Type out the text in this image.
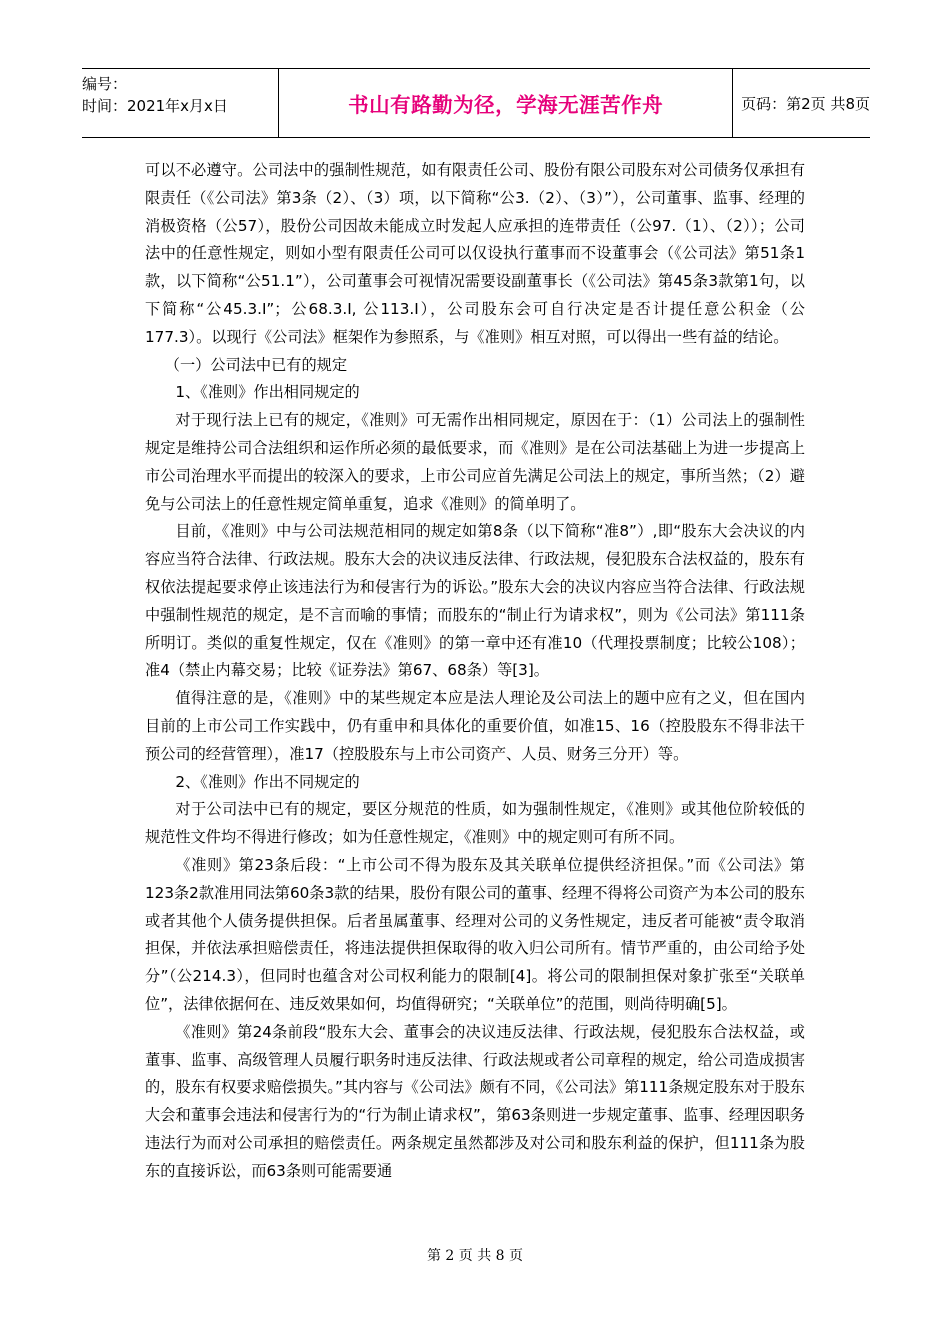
编号：
时间：2021年x月x日	书山有路勤为径，学海无涯苦作舟	页码：第2页 共8页

可以不必遵守。公司法中的强制性规范，如有限责任公司、股份有限公司股东对公司债务仅承担有限责任（《公司法》第3条（2）、（3）项，以下简称“公3.（2）、（3）”），公司董事、监事、经理的消极资格（公57），股份公司因故未能成立时发起人应承担的连带责任（公97.（1）、（2））；公司法中的任意性规定，则如小型有限责任公司可以仅设执行董事而不设董事会（《公司法》第51条1款，以下简称“公51.1”），公司董事会可视情况需要设副董事长（《公司法》第45条3款第1句，以下简称“公45.3.I”；公68.3.I, 公113.I），公司股东会可自行决定是否计提任意公积金（公177.3）。以现行《公司法》框架作为参照系，与《准则》相互对照，可以得出一些有益的结论。

（一）公司法中已有的规定

1、《准则》作出相同规定的

对于现行法上已有的规定，《准则》可无需作出相同规定，原因在于：（1）公司法上的强制性规定是维持公司合法组织和运作所必须的最低要求，而《准则》是在公司法基础上为进一步提高上市公司治理水平而提出的较深入的要求，上市公司应首先满足公司法上的规定，事所当然；（2）避免与公司法上的任意性规定简单重复，追求《准则》的简单明了。

目前，《准则》中与公司法规范相同的规定如第8条（以下简称“准8”）,即“股东大会决议的内容应当符合法律、行政法规。股东大会的决议违反法律、行政法规，侵犯股东合法权益的，股东有权依法提起要求停止该违法行为和侵害行为的诉讼。”股东大会的决议内容应当符合法律、行政法规中强制性规范的规定，是不言而喻的事情；而股东的“制止行为请求权”，则为《公司法》第111条所明订。类似的重复性规定，仅在《准则》的第一章中还有准10（代理投票制度；比较公108）；准4（禁止内幕交易；比较《证券法》第67、68条）等[3]。

值得注意的是，《准则》中的某些规定本应是法人理论及公司法上的题中应有之义，但在国内目前的上市公司工作实践中，仍有重申和具体化的重要价值，如准15、16（控股股东不得非法干预公司的经营管理），准17（控股股东与上市公司资产、人员、财务三分开）等。

2、《准则》作出不同规定的

对于公司法中已有的规定，要区分规范的性质，如为强制性规定，《准则》或其他位阶较低的规范性文件均不得进行修改；如为任意性规定，《准则》中的规定则可有所不同。

《准则》第23条后段：“上市公司不得为股东及其关联单位提供经济担保。”而《公司法》第123条2款准用同法第60条3款的结果，股份有限公司的董事、经理不得将公司资产为本公司的股东或者其他个人债务提供担保。后者虽属董事、经理对公司的义务性规定，违反者可能被“责令取消担保，并依法承担赔偿责任，将违法提供担保取得的收入归公司所有。情节严重的，由公司给予处分”（公214.3），但同时也蕴含对公司权利能力的限制[4]。将公司的限制担保对象扩张至“关联单位”，法律依据何在、违反效果如何，均值得研究；“关联单位”的范围，则尚待明确[5]。

《准则》第24条前段“股东大会、董事会的决议违反法律、行政法规，侵犯股东合法权益，或董事、监事、高级管理人员履行职务时违反法律、行政法规或者公司章程的规定，给公司造成损害的，股东有权要求赔偿损失。”其内容与《公司法》颇有不同，《公司法》第111条规定股东对于股东大会和董事会违法和侵害行为的“行为制止请求权”，第63条则进一步规定董事、监事、经理因职务违法行为而对公司承担的赔偿责任。两条规定虽然都涉及对公司和股东利益的保护，但111条为股东的直接诉讼，而63条则可能需要通

第 2 页 共 8 页
